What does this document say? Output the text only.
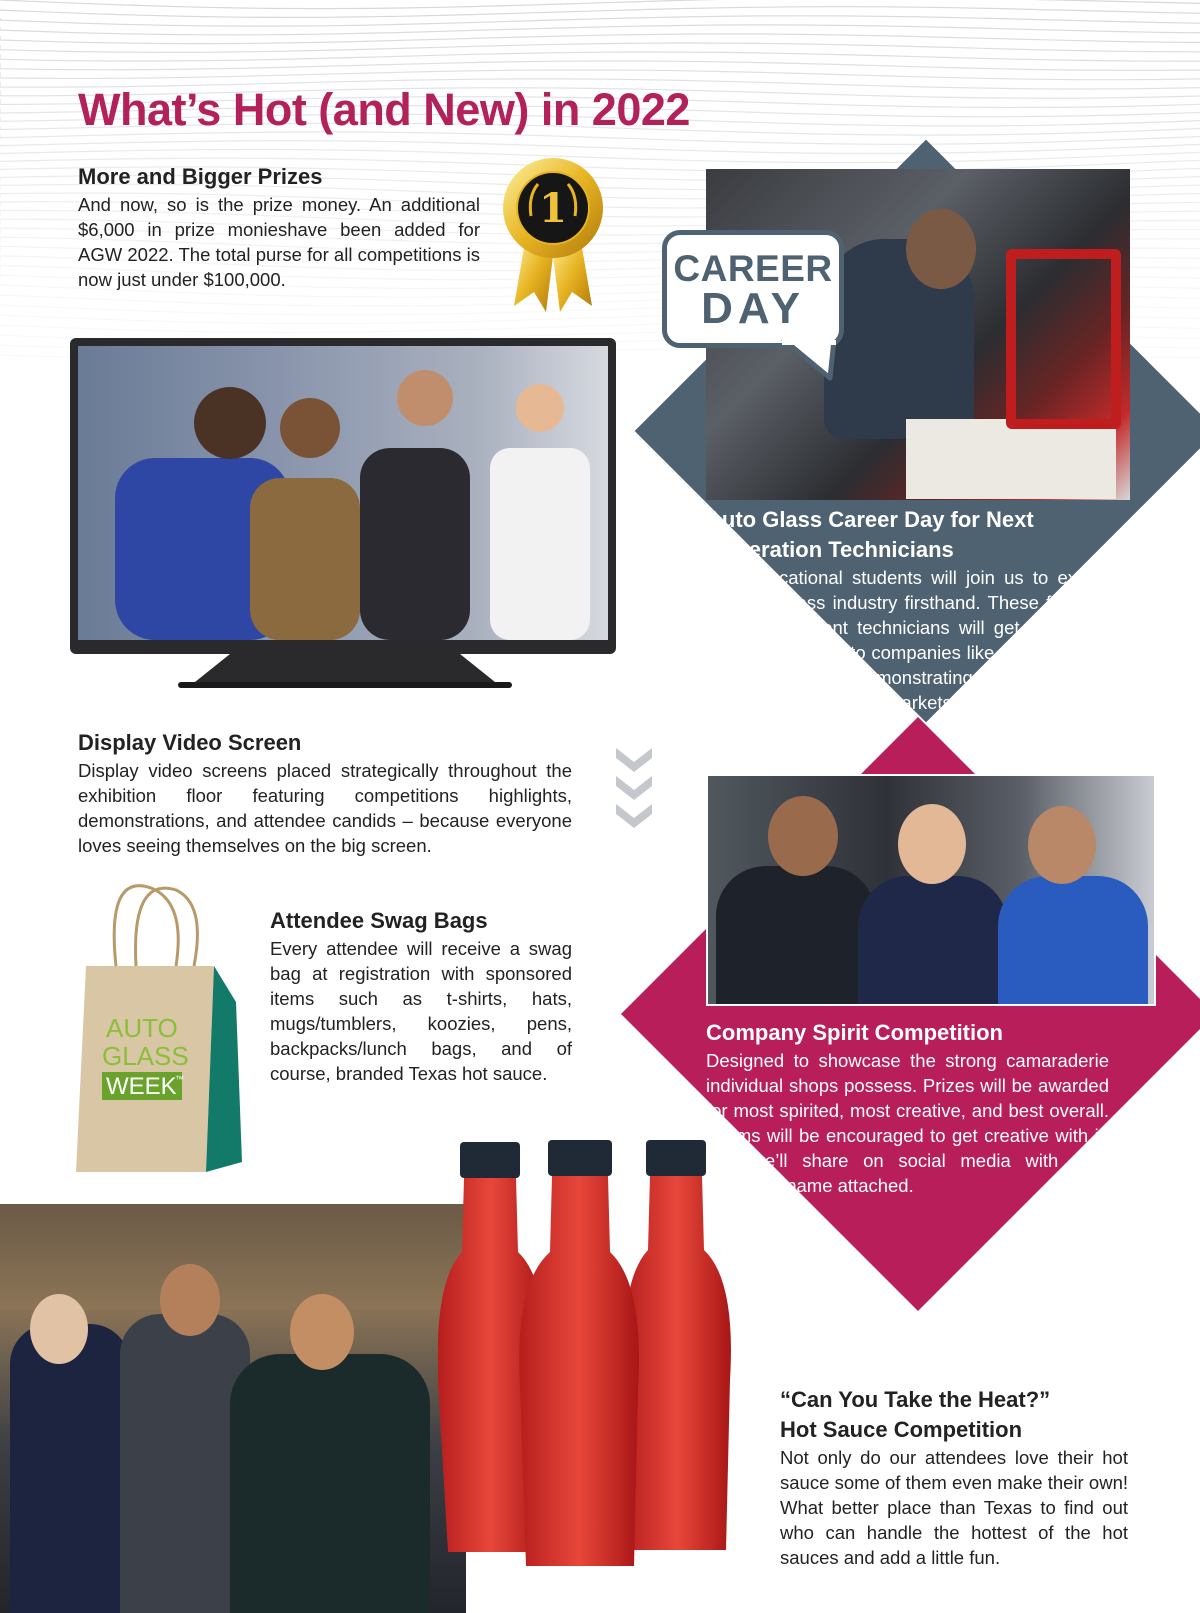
What’s Hot (and New) in 2022
More and Bigger Prizes

And now, so is the prize money. An additional $6,000 in prize monieshave been added for AGW 2022. The total purse for all competitions is now just under $100,000.

1
CAREER
DAY
Auto Glass Career Day for Next Generation Technicians

Local vocational students will join us to experience the auto glass industry firsthand. These future repair and replacement technicians will get the red-carpet treatment thanks to companies like yours that want to get a step up by demonstrating your commitment to the local and national markets.

Display Video Screen

Display video screens placed strategically throughout the exhibition floor featuring competitions highlights, demonstrations, and attendee candids – because everyone loves seeing themselves on the big screen.

Company Spirit Competition

Designed to showcase the strong camaraderie individual shops possess. Prizes will be awarded for most spirited, most creative, and best overall. Teams will be encouraged to get creative with it, and we’ll share on social media with your company name attached.

AUTO
GLASS
WEEK
™
Attendee Swag Bags

Every attendee will receive a swag bag at registration with sponsored items such as t-shirts, hats, mugs/tumblers, koozies, pens, backpacks/lunch bags, and of course, branded Texas hot sauce.

“Can You Take the Heat?”
Hot Sauce Competition

Not only do our attendees love their hot sauce some of them even make their own! What better place than Texas to find out who can handle the hottest of the hot sauces and add a little fun.
